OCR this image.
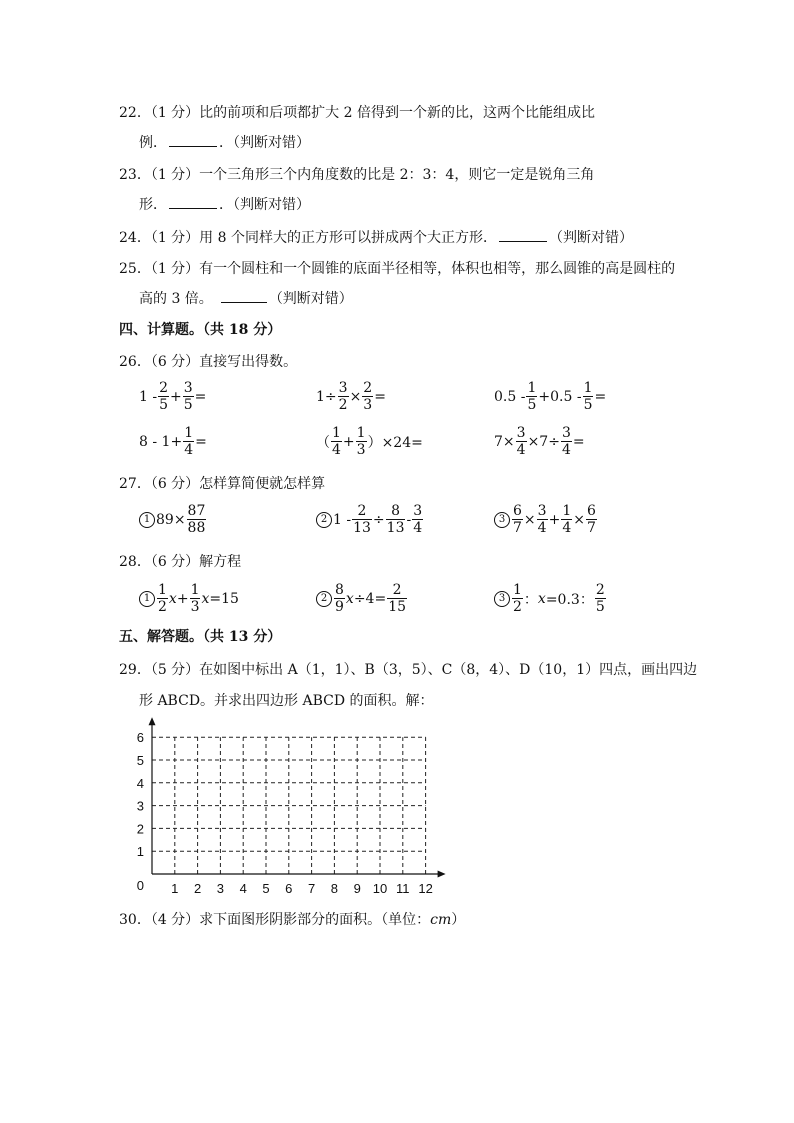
22．（1 分）比的前项和后项都扩大 2 倍得到一个新的比，这两个比能组成比
例．	．（判断对错）
23．（1 分）一个三角形三个内角度数的比是 2：3：4，则它一定是锐角三角
形．	．（判断对错）
24．（1 分）用 8 个同样大的正方形可以拼成两个大正方形．	（判断对错）
25．（1 分）有一个圆柱和一个圆锥的底面半径相等，体积也相等，那么圆锥的高是圆柱的
高的 3 倍。	（判断对错）
四、计算题。（共 18 分）
26．（6 分）直接写出得数。
$1 - \frac{2}{5} + \frac{3}{5}$ =	$1\div \frac{3}{2} \times \frac{2}{3}$ =	$0.5 - \frac{1}{5} +0.5 - \frac{1}{5}$ =
$8 - 1+ \frac{1}{4}$ =	（ $\frac{1}{4} + \frac{1}{3} )\times 24=$	$7\times \frac{3}{4} \times 7\div \frac{3}{4}$ =
27．（6 分）怎样算简便就怎样算
1 $89\times \frac{87}{88}$	2 $1 - \frac{2}{13} \div \frac{8}{13} - \frac{3}{4}$	$3 \frac{6}{7} \times \frac{3}{4} + \frac{1}{4} \times \frac{6}{7}$
28．（6 分）解方程
$1 \frac{1}{2}$ $x + \frac{1}{3}$ x =15	$2 \frac{8}{9}$ $x \div 4= \frac{2}{15}$	$3 \frac{1}{2}$ ： x =0.3： $\frac{2}{5}$
五、解答题。（共 13 分）
29．（5 分）在如图中标出 A（1，1）、B（3，5）、C（8，4）、D（10，1）四点，画出四边
形 ABCD。并求出四边形 ABCD 的面积。解：
1 2 3 4 5 6 7 8 9 10 11 12
1
2
3
4
5
6
0
30．（4 分）求下面图形阴影部分的面积。（单位：cm）
